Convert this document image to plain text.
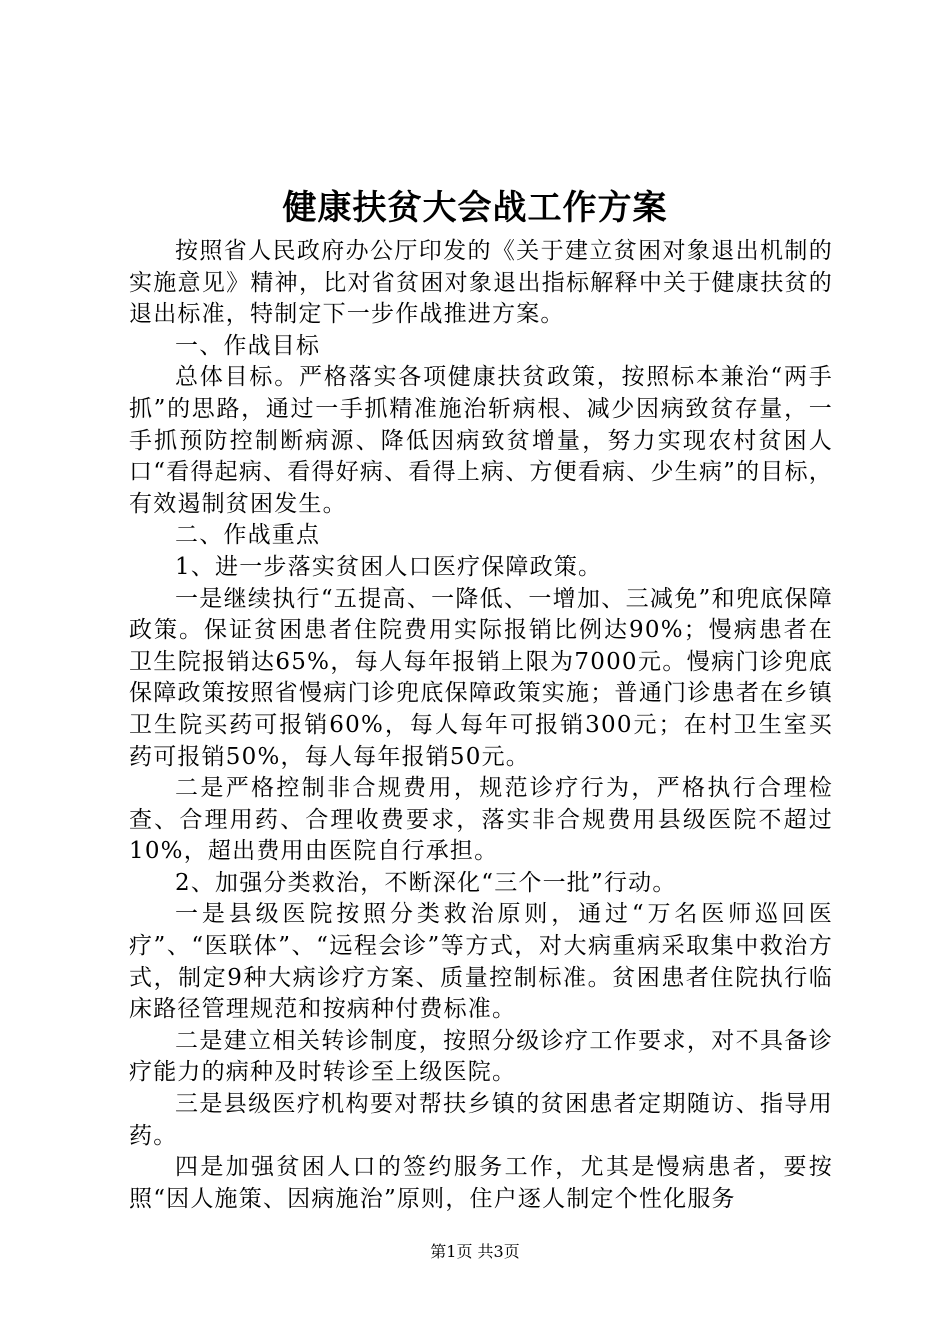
健康扶贫大会战工作方案

按照省人民政府办公厅印发的《关于建立贫困对象退出机制的实施意见》精神，比对省贫困对象退出指标解释中关于健康扶贫的退出标准，特制定下一步作战推进方案。

一、作战目标

总体目标。严格落实各项健康扶贫政策，按照标本兼治“两手抓”的思路，通过一手抓精准施治斩病根、减少因病致贫存量，一手抓预防控制断病源、降低因病致贫增量，努力实现农村贫困人口“看得起病、看得好病、看得上病、方便看病、少生病”的目标，有效遏制贫困发生。

二、作战重点

1、进一步落实贫困人口医疗保障政策。

一是继续执行“五提高、一降低、一增加、三减免”和兜底保障政策。保证贫困患者住院费用实际报销比例达90%；慢病患者在卫生院报销达65%，每人每年报销上限为7000元。慢病门诊兜底保障政策按照省慢病门诊兜底保障政策实施；普通门诊患者在乡镇卫生院买药可报销60%，每人每年可报销300元；在村卫生室买药可报销50%，每人每年报销50元。

二是严格控制非合规费用，规范诊疗行为，严格执行合理检查、合理用药、合理收费要求，落实非合规费用县级医院不超过10%，超出费用由医院自行承担。

2、加强分类救治，不断深化“三个一批”行动。

一是县级医院按照分类救治原则，通过“万名医师巡回医疗”、“医联体”、“远程会诊”等方式，对大病重病采取集中救治方式，制定9种大病诊疗方案、质量控制标准。贫困患者住院执行临床路径管理规范和按病种付费标准。

二是建立相关转诊制度，按照分级诊疗工作要求，对不具备诊疗能力的病种及时转诊至上级医院。

三是县级医疗机构要对帮扶乡镇的贫困患者定期随访、指导用药。

四是加强贫困人口的签约服务工作，尤其是慢病患者，要按照“因人施策、因病施治”原则，住户逐人制定个性化服务

第1页 共3页
